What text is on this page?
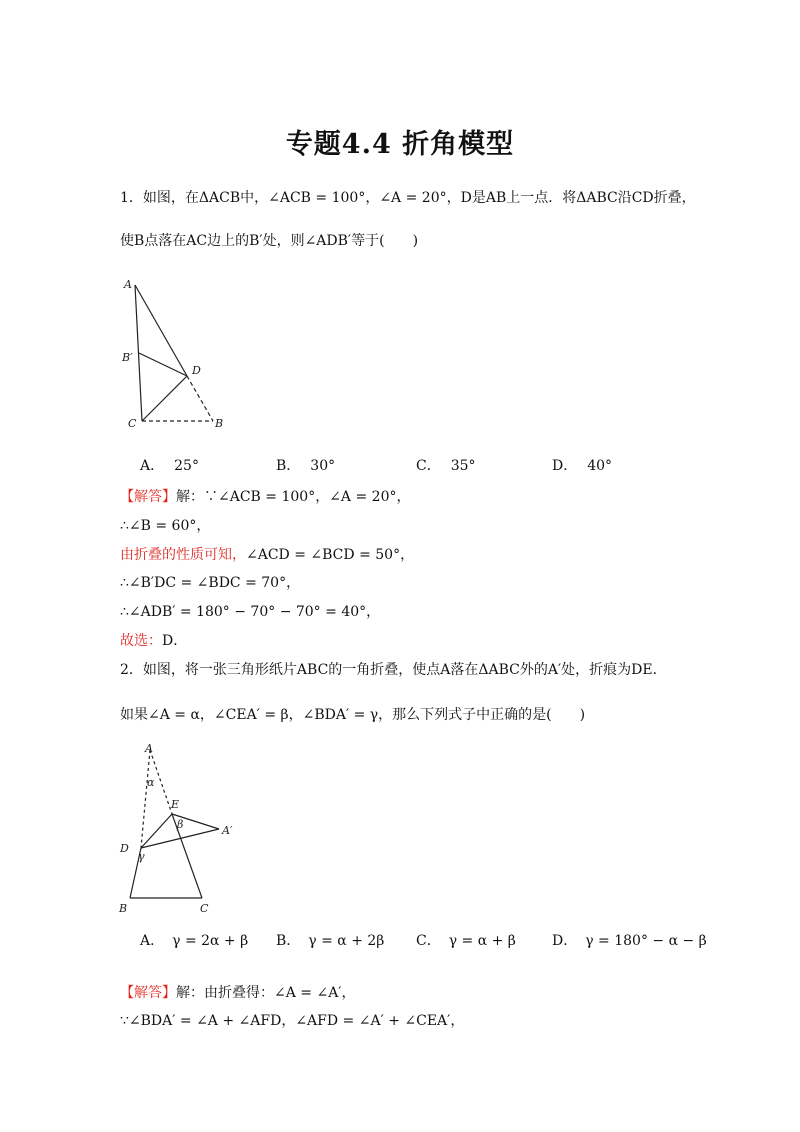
专题4.4 折角模型
1．如图，在ΔACB中，∠ACB = 100°，∠A = 20°，D是AB上一点．将ΔABC沿CD折叠，
使B点落在AC边上的B′处，则∠ADB′等于(　　)
A
B′
D
C	B
A． 25°	B． 30°	C． 35°	D． 40°
【解答】解：∵∠ACB = 100°，∠A = 20°，
∴∠B = 60°，
由折叠的性质可知，∠ACD = ∠BCD = 50°，
∴∠B′DC = ∠BDC = 70°，
∴∠ADB′ = 180° − 70° − 70° = 40°，
故选：D．
2．如图，将一张三角形纸片ABC的一角折叠，使点A落在ΔABC外的A′处，折痕为DE．
如果∠A = α，∠CEA′ = β，∠BDA′ = γ，那么下列式子中正确的是(　　)
A
α
E
β	A′
D
γ
B	C
A． γ = 2α + β B． γ = α + 2β C． γ = α + β	D． γ = 180° − α − β
【解答】解：由折叠得：∠A = ∠A′，
∵∠BDA′ = ∠A + ∠AFD，∠AFD = ∠A′ + ∠CEA′，
